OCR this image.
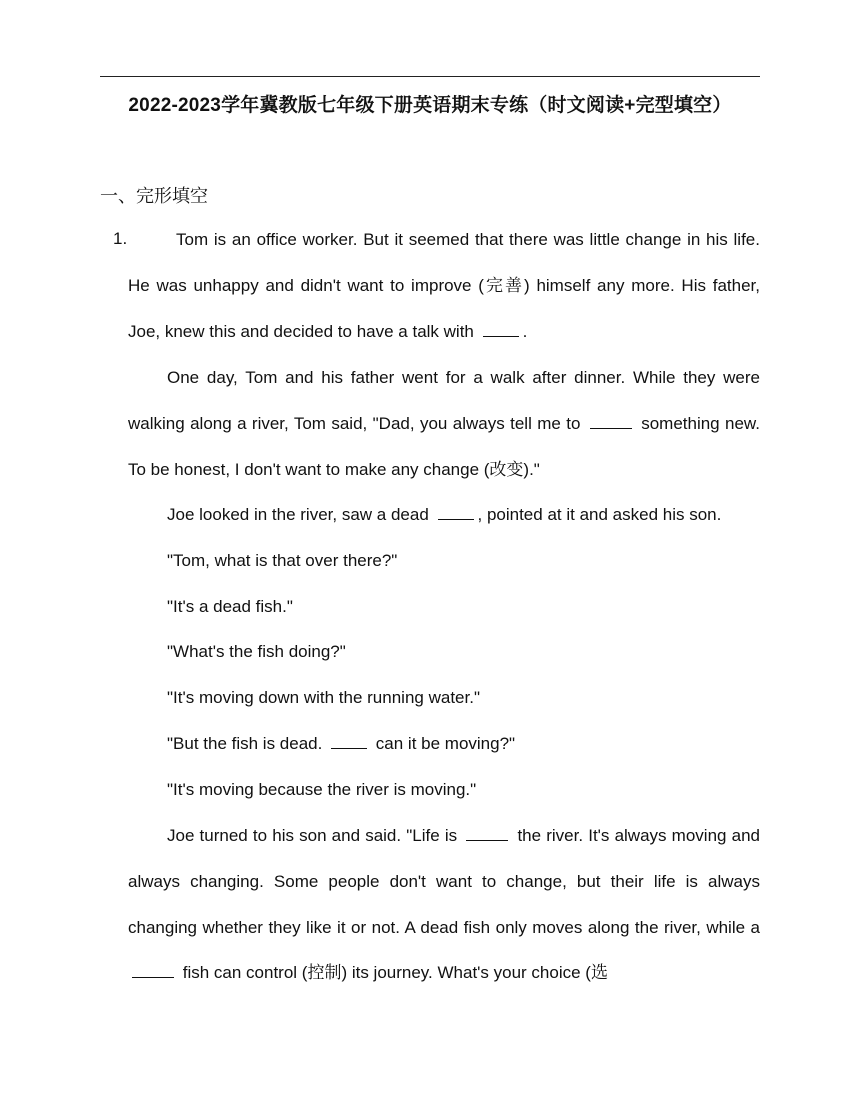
2022-2023学年冀教版七年级下册英语期末专练（时文阅读+完型填空）
一、完形填空
1.	Tom is an office worker. But it seemed that there was little change in his life. He was unhappy and didn't want to improve (完善) himself any more. His father, Joe, knew this and decided to have a talk with	.

One day, Tom and his father went for a walk after dinner. While they were walking along a river, Tom said, "Dad, you always tell me to	something new. To be honest, I don't want to make any change (改变)."

Joe looked in the river, saw a dead	, pointed at it and asked his son.
"Tom, what is that over there?"
"It's a dead fish."
"What's the fish doing?"
"It's moving down with the running water."
"But the fish is dead.	can it be moving?"
"It's moving because the river is moving."

Joe turned to his son and said. "Life is	the river. It's always moving and always changing. Some people don't want to change, but their life is always changing whether they like it or not. A dead fish only moves along the river, while a  fish can control (控制) its journey. What's your choice (选
